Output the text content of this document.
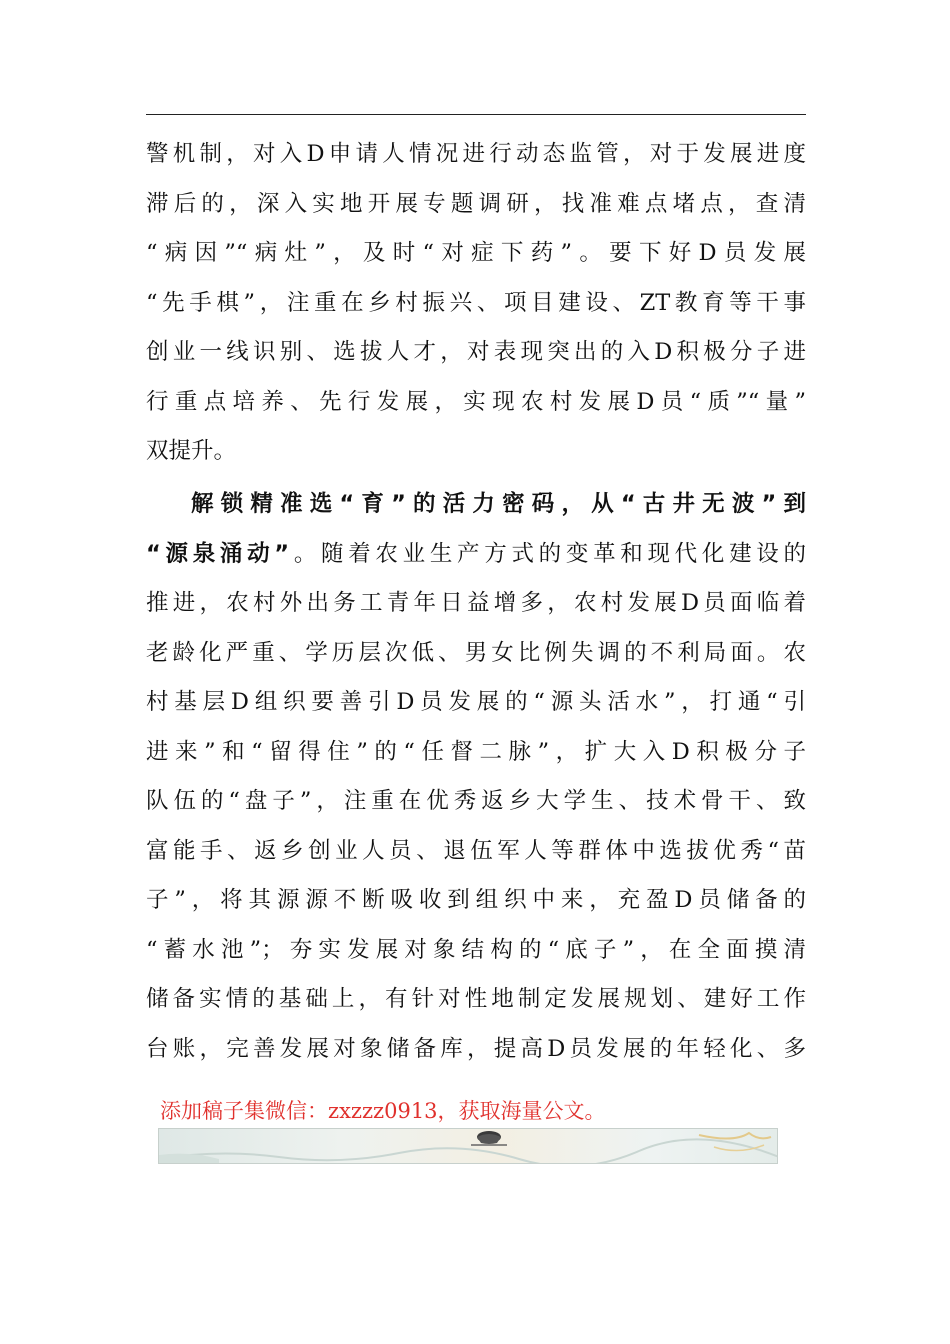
警机制，对入D申请人情况进行动态监管，对于发展进度
滞后的，深入实地开展专题调研，找准难点堵点，查清
“病因”“病灶”，及时“对症下药”。要下好D员发展
“先手棋”，注重在乡村振兴、项目建设、ZT教育等干事
创业一线识别、选拔人才，对表现突出的入D积极分子进
行重点培养、先行发展，实现农村发展D员“质”“量”
双提升。
解锁精准选“育”的活力密码，从“古井无波”到
“源泉涌动”。随着农业生产方式的变革和现代化建设的
推进，农村外出务工青年日益增多，农村发展D员面临着
老龄化严重、学历层次低、男女比例失调的不利局面。农
村基层D组织要善引D员发展的“源头活水”，打通“引
进来”和“留得住”的“任督二脉”，扩大入D积极分子
队伍的“盘子”，注重在优秀返乡大学生、技术骨干、致
富能手、返乡创业人员、退伍军人等群体中选拔优秀“苗
子”，将其源源不断吸收到组织中来，充盈D员储备的
“蓄水池”；夯实发展对象结构的“底子”，在全面摸清
储备实情的基础上，有针对性地制定发展规划、建好工作
台账，完善发展对象储备库，提高D员发展的年轻化、多
添加稿子集微信：zxzzz0913，获取海量公文。
